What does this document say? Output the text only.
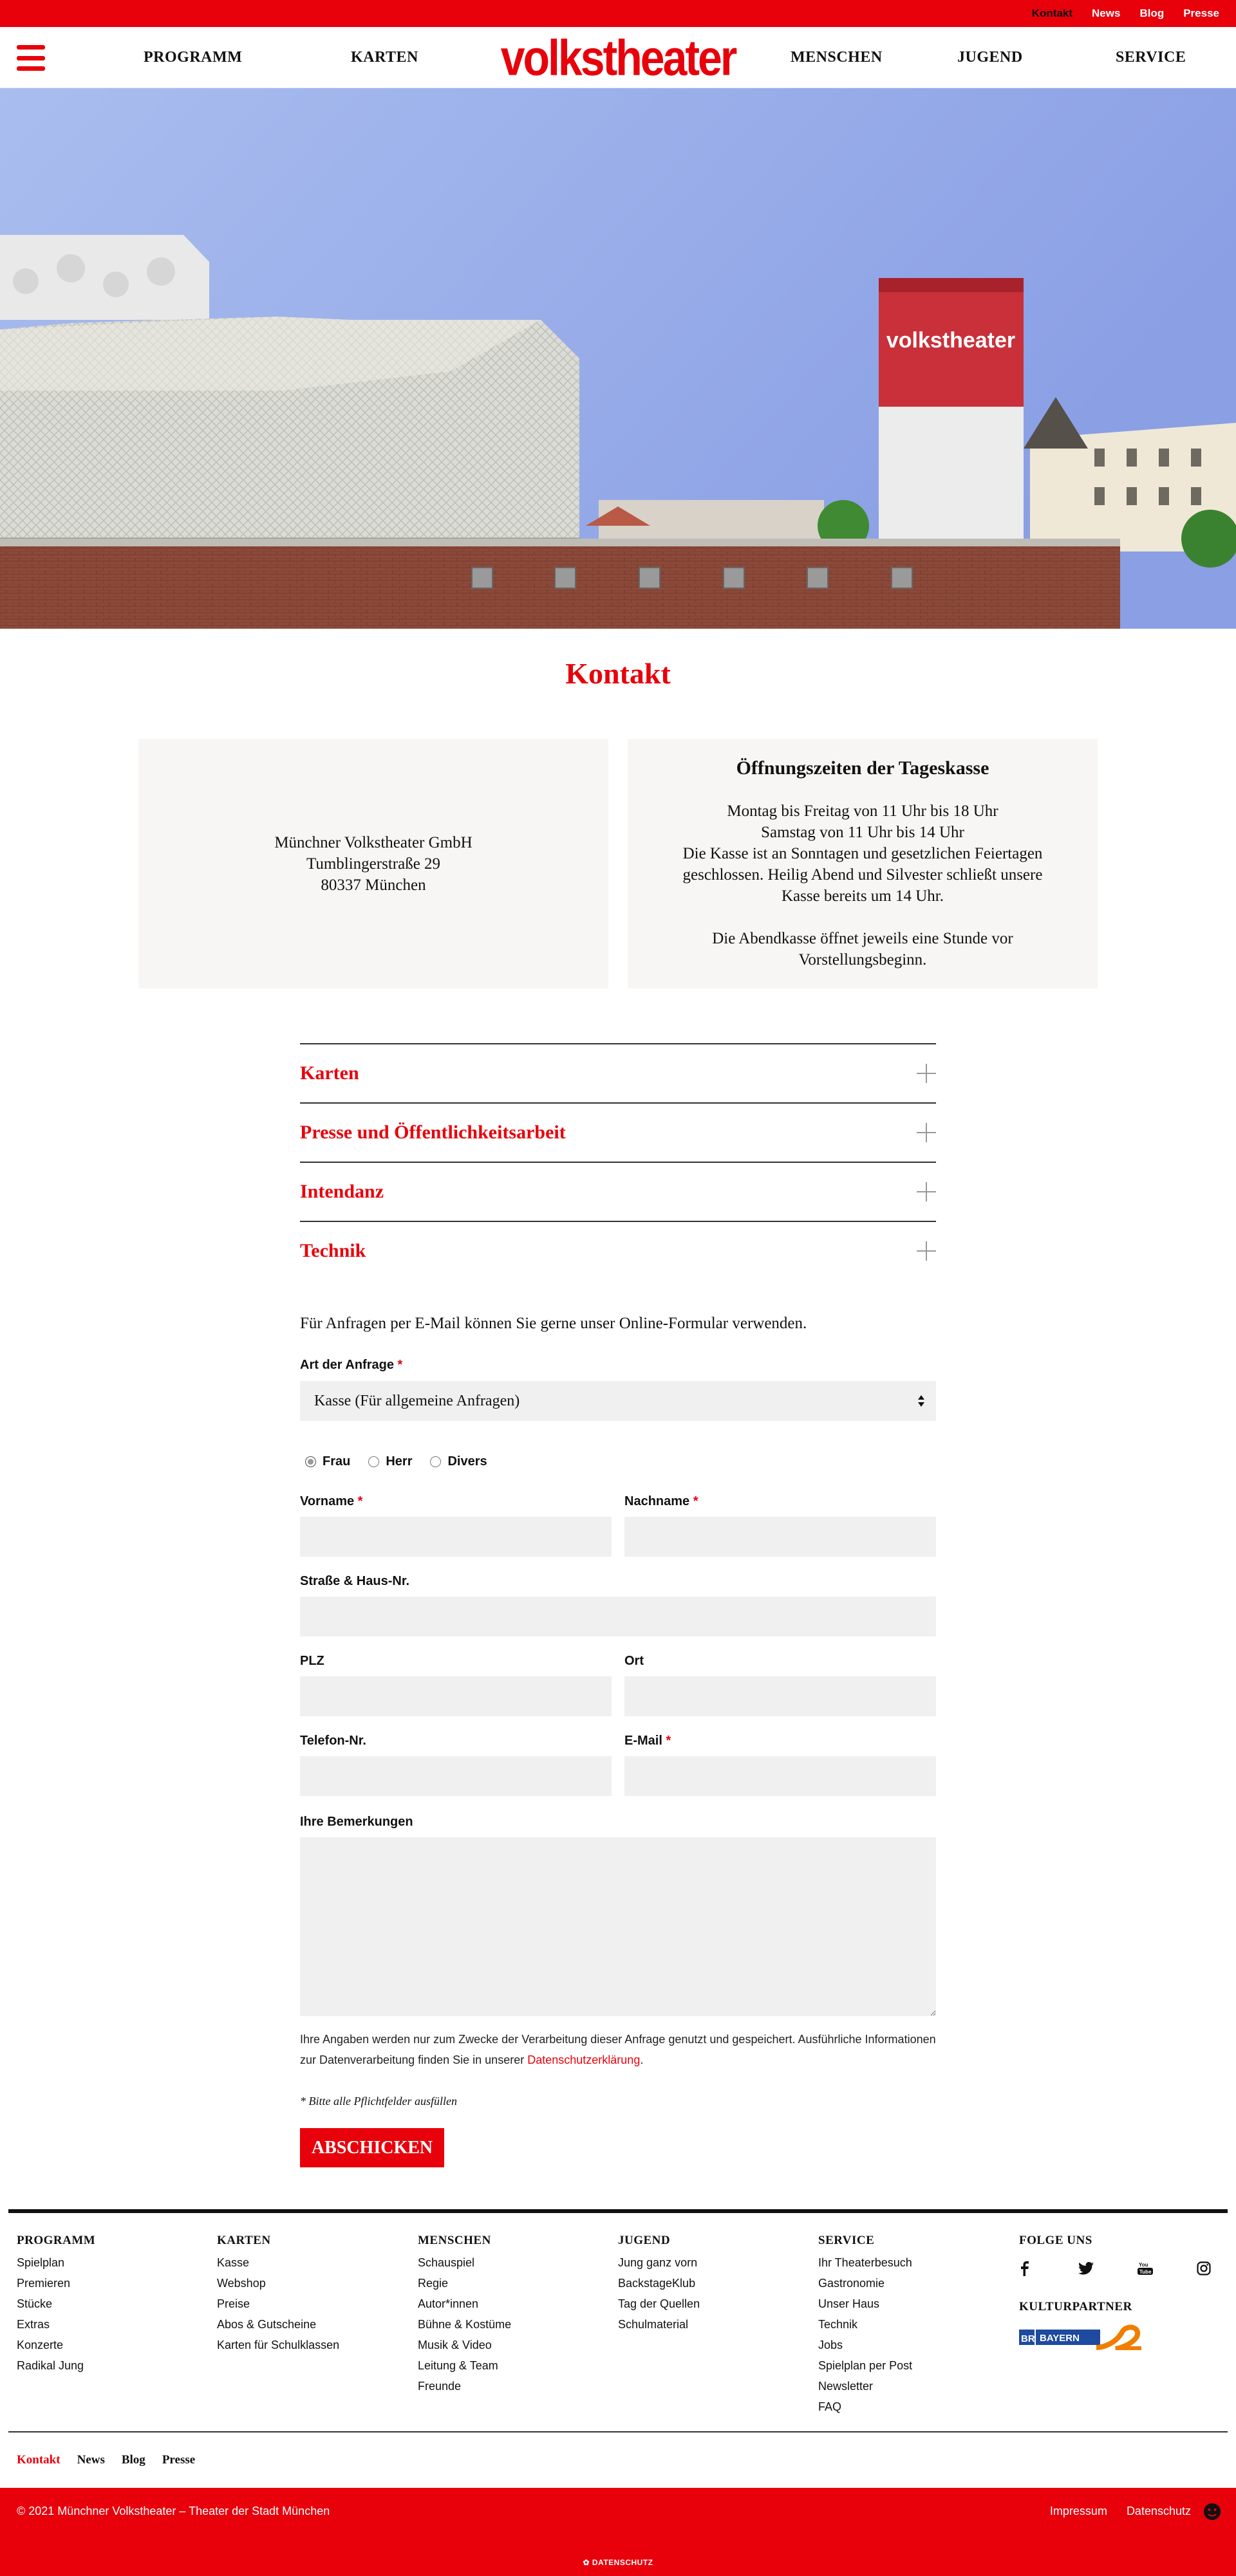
Kontakt News Blog Presse
PROGRAMM	KARTEN volkstheater	MENSCHEN	JUGEND	SERVICE
volkstheater
Kontakt

Münchner Volkstheater GmbH

Tumblingerstraße 29

80337 München

Öffnungszeiten der Tageskasse

Montag bis Freitag von 11 Uhr bis 18 Uhr

Samstag von 11 Uhr bis 14 Uhr

Die Kasse ist an Sonntagen und gesetzlichen Feiertagen geschlossen. Heilig Abend und Silvester schließt unsere Kasse bereits um 14 Uhr.

Die Abendkasse öffnet jeweils eine Stunde vor Vorstellungsbeginn.

Karten
Presse und Öffentlichkeitsarbeit
Intendanz
Technik

Für Anfragen per E-Mail können Sie gerne unser Online-Formular verwenden.

Art der Anfrage *
Kasse (Für allgemeine Anfragen)
Frau	Herr	Divers
Vorname *	Nachname *
Straße & Haus-Nr.
PLZ	Ort
Telefon-Nr.	E-Mail *
Ihre Bemerkungen

Ihre Angaben werden nur zum Zwecke der Verarbeitung dieser Anfrage genutzt und gespeichert. Ausführliche Informationen zur Datenverarbeitung finden Sie in unserer Datenschutzerklärung.

* Bitte alle Pflichtfelder ausfüllen

ABSCHICKEN
PROGRAMM
Spielplan
Premieren
Stücke
Extras
Konzerte
Radikal Jung
KARTEN
Kasse
Webshop
Preise
Abos & Gutscheine
Karten für Schulklassen
MENSCHEN
Schauspiel
Regie
Autor*innen
Bühne & Kostüme
Musik & Video
Leitung & Team
Freunde
JUGEND
Jung ganz vorn
BackstageKlub
Tag der Quellen
Schulmaterial
SERVICE
Ihr Theaterbesuch
Gastronomie
Unser Haus
Technik
Jobs
Spielplan per Post
Newsletter
FAQ
FOLGE UNS
You
Tube
KULTURPARTNER
BR BAYERN
Kontakt News Blog Presse
© 2021 Münchner Volkstheater – Theater der Stadt München	Impressum Datenschutz
✿ DATENSCHUTZ
